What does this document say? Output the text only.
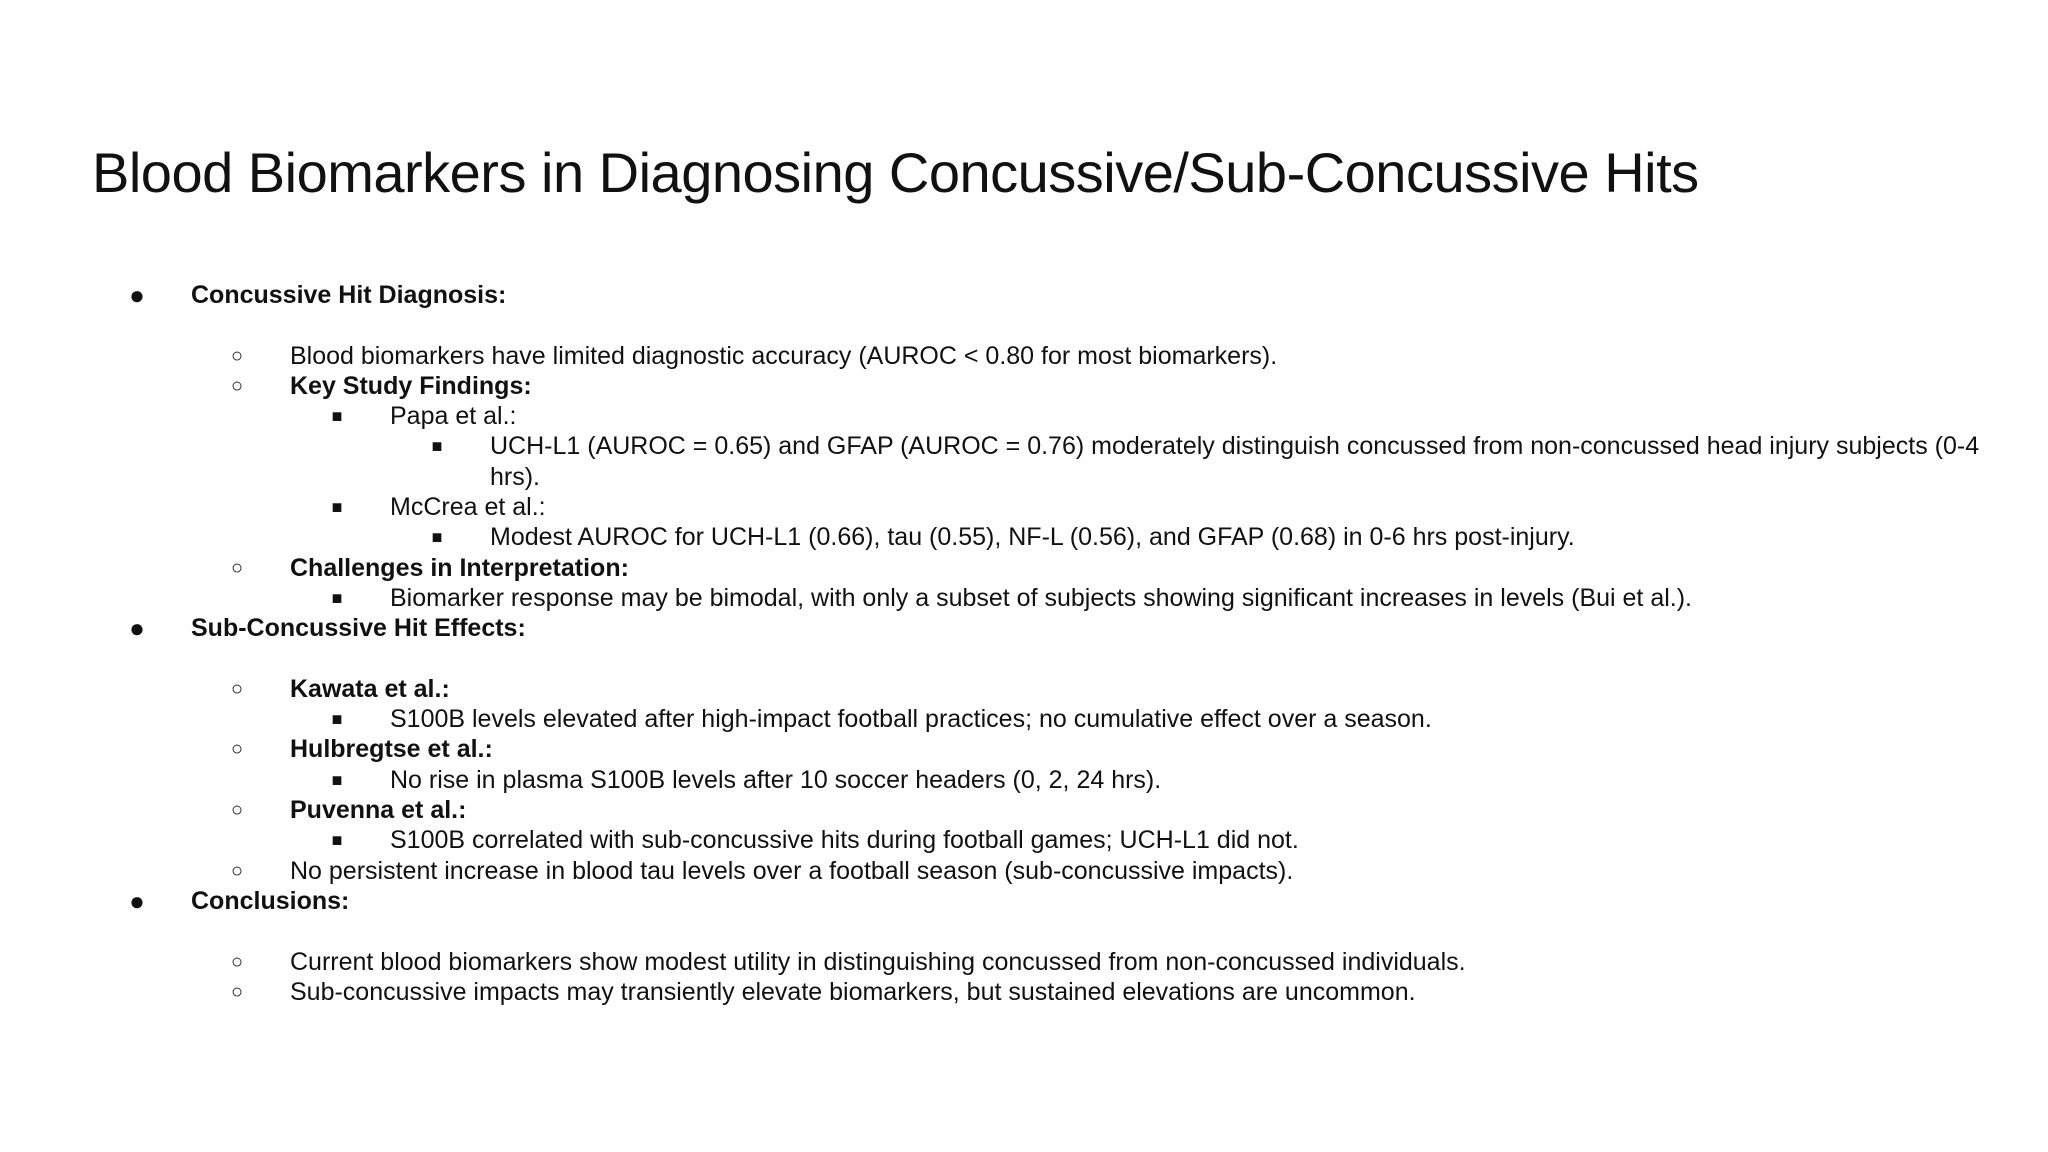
Blood Biomarkers in Diagnosing Concussive/Sub-Concussive Hits
● Concussive Hit Diagnosis:
○	Blood biomarkers have limited diagnostic accuracy (AUROC < 0.80 for most biomarkers).
○	Key Study Findings:
■	Papa et al.:
■	UCH-L1 (AUROC = 0.65) and GFAP (AUROC = 0.76) moderately distinguish concussed from non-concussed head injury subjects (0-4 hrs).
■	McCrea et al.:
■	Modest AUROC for UCH-L1 (0.66), tau (0.55), NF-L (0.56), and GFAP (0.68) in 0-6 hrs post-injury.
○	Challenges in Interpretation:
■	Biomarker response may be bimodal, with only a subset of subjects showing significant increases in levels (Bui et al.).
● Sub-Concussive Hit Effects:
○	Kawata et al.:
■	S100B levels elevated after high-impact football practices; no cumulative effect over a season.
○	Hulbregtse et al.:
■	No rise in plasma S100B levels after 10 soccer headers (0, 2, 24 hrs).
○	Puvenna et al.:
■	S100B correlated with sub-concussive hits during football games; UCH-L1 did not.
○	No persistent increase in blood tau levels over a football season (sub-concussive impacts).
● Conclusions:
○	Current blood biomarkers show modest utility in distinguishing concussed from non-concussed individuals.
○	Sub-concussive impacts may transiently elevate biomarkers, but sustained elevations are uncommon.
